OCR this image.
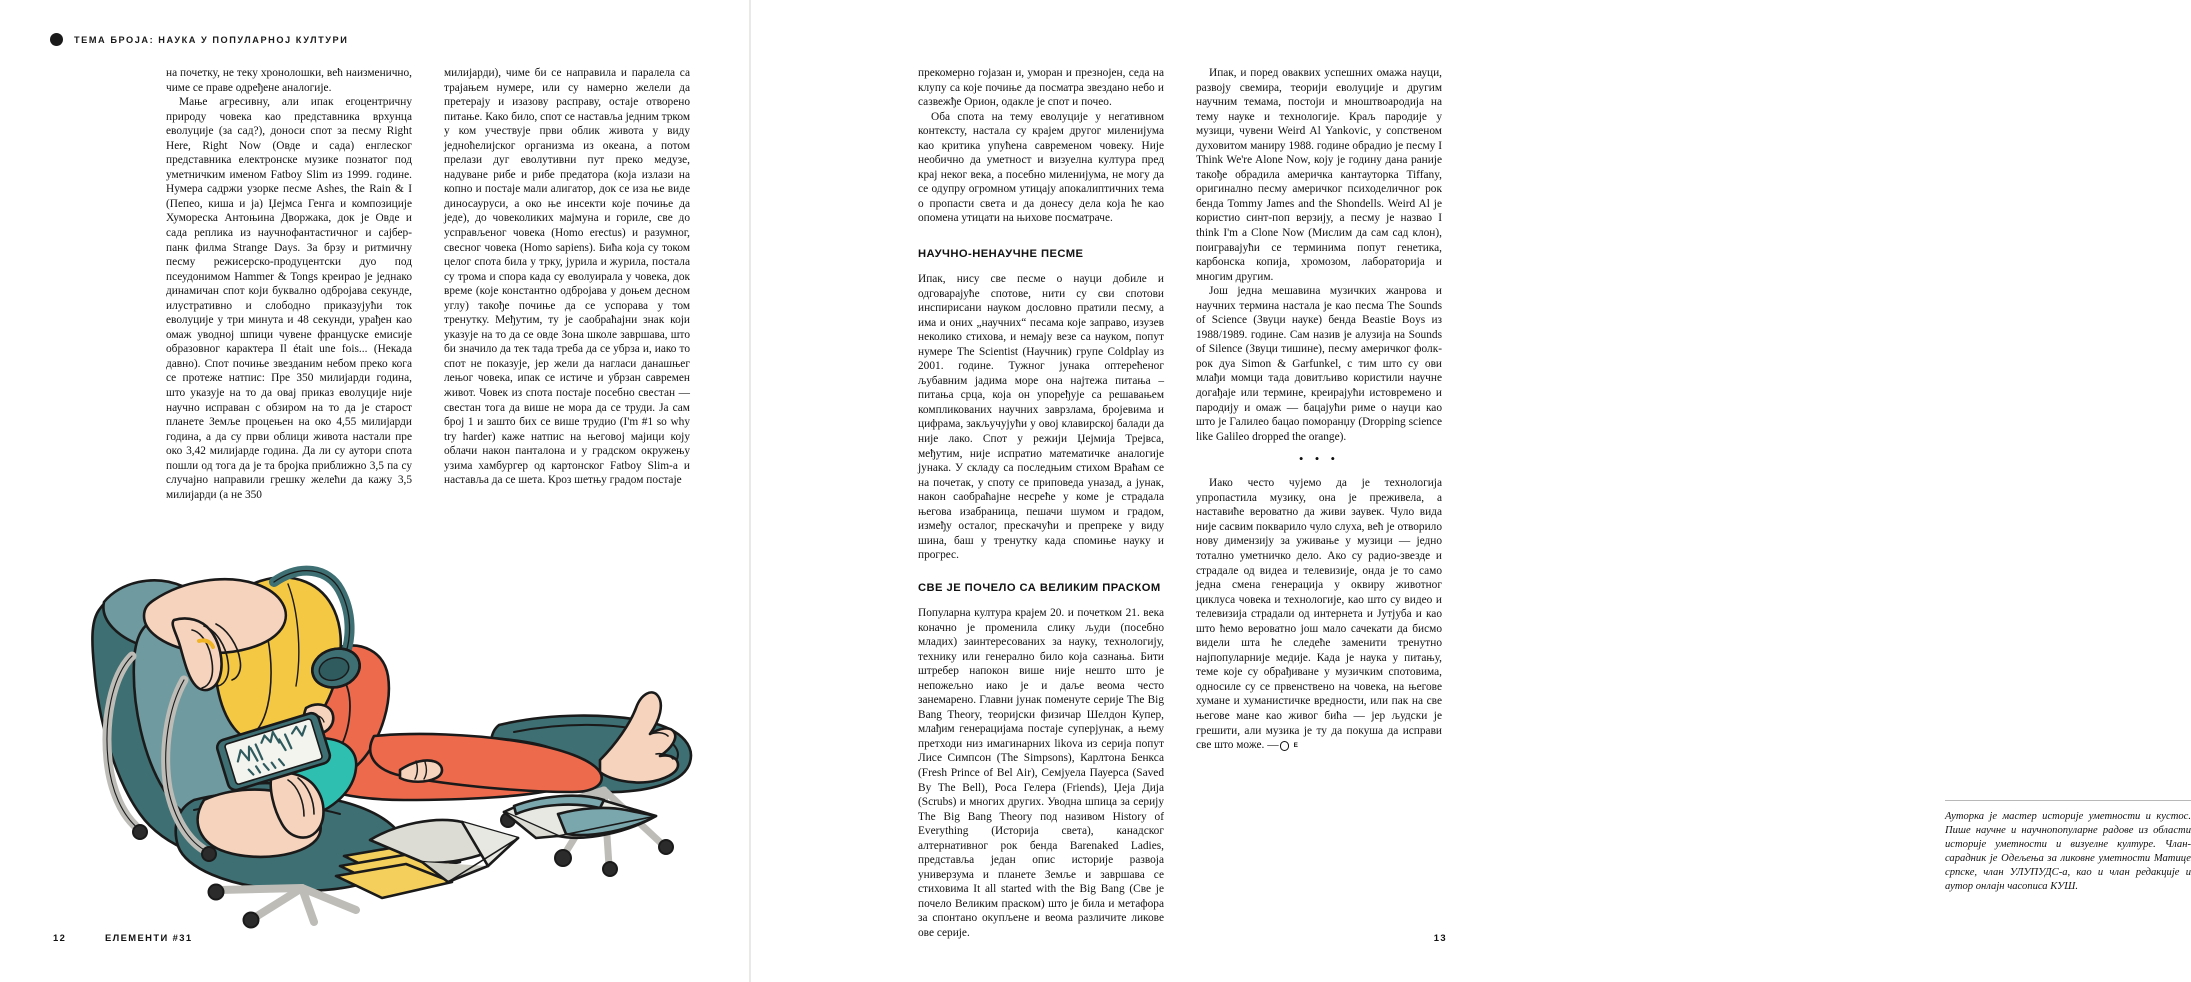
ТЕМА БРОЈА: НАУКА У ПОПУЛАРНОЈ КУЛТУРИ

на почетку, не теку хронолошки, већ наизменично, чиме се праве одређене аналогије.

Мање агресивну, али ипак егоцентричну природу човека као представника врхунца еволуције (за сад?), доноси спот за песму Right Here, Right Now (Овде и сада) енглеског представника електронске музике познатог под уметничким именом Fatboy Slim из 1999. године. Нумера садржи узорке песме Ashes, the Rain & I (Пепео, киша и ја) Џејмса Генга и композиције Хумореска Антоњина Дворжака, док је Овде и сада реплика из научнофантастичног и сајбер-панк филма Strange Days. За брзу и ритмичну песму режисерско-продуцентски дуо под псеудонимом Hammer & Tongs креирао је једнако динамичан спот који буквално одбројава секунде, илустративно и слободно приказујући ток еволуције у три минута и 48 секунди, урађен као омаж уводној шпици чувене француске емисије образовног карактера Il était une fois... (Некада давно). Спот почиње звезданим небом преко кога се протеже натпис: Пре 350 милијарди година, што указује на то да овај приказ еволуције није научно исправан с обзиром на то да је старост планете Земље процењен на око 4,55 милијарди година, а да су први облици живота настали пре око 3,42 милијарде година. Да ли су аутори спота пошли од тога да је та бројка приближно 3,5 па су случајно направили грешку желећи да кажу 3,5 милијарди (а не 350

милијарди), чиме би се направила и паралела са трајањем нумере, или су намерно желели да претерају и изазову расправу, остаје отворено питање. Како било, спот се наставља једним трком у ком учествује први облик живота у виду једноћелијског организма из океана, а потом прелази дуг еволутивни пут преко медузе, надуване рибе и рибе предатора (која излази на копно и постаје мали алигатор, док се иза ње виде диносауруси, а око ње инсекти које почиње да једе), до човеколиких мајмуна и гориле, све до усправљеног човека (Homo erectus) и разумног, свесног човека (Homo sapiens). Бића која су током целог спота била у трку, јурила и журила, постала су трома и спора када су еволуирала у човека, док време (које константно одбројава у доњем десном углу) такође почиње да се успорава у том тренутку. Међутим, ту је саобраћајни знак који указује на то да се овде Зона школе завршава, што би значило да тек тада треба да се убрза и, иако то спот не показује, јер жели да нагласи данашњег лењог човека, ипак се истиче и убрзан савремен живот. Човек из спота постаје посебно свестан — свестан тога да више не мора да се труди. Ја сам број 1 и зашто бих се више трудио (I'm #1 so why try harder) каже натпис на његовој мајици коју облачи након панталона и у градском окружењу узима хамбургер од картонског Fatboy Slim-а и наставља да се шета. Кроз шетњу градом постаје

12	ЕЛЕМЕНТИ #31

прекомерно гојазан и, уморан и презнојен, седа на клупу са које почиње да посматра звездано небо и сазвежђе Орион, одакле је спот и почео.

Оба спота на тему еволуције у негативном контексту, настала су крајем другог миленијума као критика упућена савременом човеку. Није необично да уметност и визуелна култура пред крај неког века, а посебно миленијума, не могу да се одупру огромном утицају апокалиптичних тема о пропасти света и да донесу дела која ће као опомена утицати на њихове посматраче.

НАУЧНО-НЕНАУЧНЕ ПЕСМЕ

Ипак, нису све песме о науци добиле и одговарајуће спотове, нити су сви спотови инспирисани науком дословно пратили песму, а има и оних „научних“ песама које заправо, изузев неколико стихова, и немају везе са науком, попут нумере The Scientist (Научник) групе Coldplay из 2001. године. Тужног јунака оптерећеног љубавним јадима море она најтежа питања – питања срца, која он упоређује са решавањем компликованих научних заврзлама, бројевима и цифрама, закључујући у овој клавирској балади да није лако. Спот у режији Џејмија Трејвса, међутим, није испратио математичке аналогије јунака. У складу са последњим стихом Враћам се на почетак, у споту се приповеда уназад, а јунак, након саобраћајне несреће у коме је страдала његова изабраница, пешачи шумом и градом, између осталог, прескачући и препреке у виду шина, баш у тренутку када спомиње науку и прогрес.

СВЕ ЈЕ ПОЧЕЛО СА ВЕЛИКИМ ПРАСКОМ

Популарна култура крајем 20. и почетком 21. века коначно је променила слику људи (посебно младих) заинтересованих за науку, технологију, технику или генерално било која сазнања. Бити штребер напокон више није нешто што је непожељно иако је и даље веома често занемарено. Главни јунак поменуте серије The Big Bang Theory, теоријски физичар Шелдон Купер, млађим генерацијама постаје суперјунак, а њему претходи низ имагинарних likova из серија попут Лисе Симпсон (The Simpsons), Карлтона Бенкса (Fresh Prince of Bel Air), Семјуела Пауерса (Saved By The Bell), Роса Гелера (Friends), Џеја Дија (Scrubs) и многих других. Уводна шпица за серију The Big Bang Theory под називом History of Everything (Историја света), канадског алтернативног рок бенда Barenaked Ladies, представља један опис историје развоја универзума и планете Земље и завршава се стиховима It all started with the Big Bang (Све је почело Великим праском) што је била и метафора за спонтано окупљене и веома различите ликове ове серије.

Ипак, и поред оваквих успешних омажа науци, развоју свемира, теорији еволуције и другим научним темама, постоји и мноштвоародија на тему науке и технологије. Краљ пародије у музици, чувени Weird Al Yankovic, у сопственом духовитом маниру 1988. године обрадио је песму I Think We're Alone Now, коју је годину дана раније такође обрадила америчка кантауторка Tiffany, оригинално песму америчког психоделичног рок бенда Tommy James and the Shondells. Weird Al је користио синт-поп верзију, а песму је назвао I think I'm a Clone Now (Мислим да сам сад клон), поигравајући се терминима попут генетика, карбонска копија, хромозом, лабораторија и многим другим.

Још једна мешавина музичких жанрова и научних термина настала је као песма The Sounds of Science (Звуци науке) бенда Beastie Boys из 1988/1989. године. Сам назив је алузија на Sounds of Silence (Звуци тишине), песму америчког фолк-рок дуа Simon & Garfunkel, с тим што су ови млађи момци тада довитљиво користили научне догађаје или термине, креирајући истовремено и пародију и омаж — бацајући риме о науци као што је Галилео бацао поморанџу (Dropping science like Galileo dropped the orange).

• • •

Иако често чујемо да је технологија упропастила музику, она је преживела, а настaвиће вероватно да живи заувек. Чуло вида није сасвим покварило чуло слуха, већ је отворило нову димензију за уживање у музици — једно тотално уметничко дело. Ако су радио-звезде и страдале од видеа и телевизије, онда је то само једна смена генерација у оквиру животног циклуса човека и технологије, као што су видео и телевизија страдали од интернета и Јутјуба и као што ћемо вероватно још мало сачекати да бисмо видели шта ће следеће заменити тренутно најпопуларније медије. Када је наука у питању, теме које су обрађиване у музичким спотовима, односиле су се првенствено на човека, на његове хумане и хуманистичке вредности, или пак на све његове мане као живог бића — јер људски је грешити, али музика је ту да покуша да исправи све што може. — Е

Ауторка је мастер историје уметности и кустос. Пише научне и научнопопуларне радове из области историје уметности и визуелне културе. Члан-сарадник је Одељења за ликовне уметности Матице српске, члан УЛУПУДС-а, као и члан редакције и аутор онлајн часописа КУШ.

13
